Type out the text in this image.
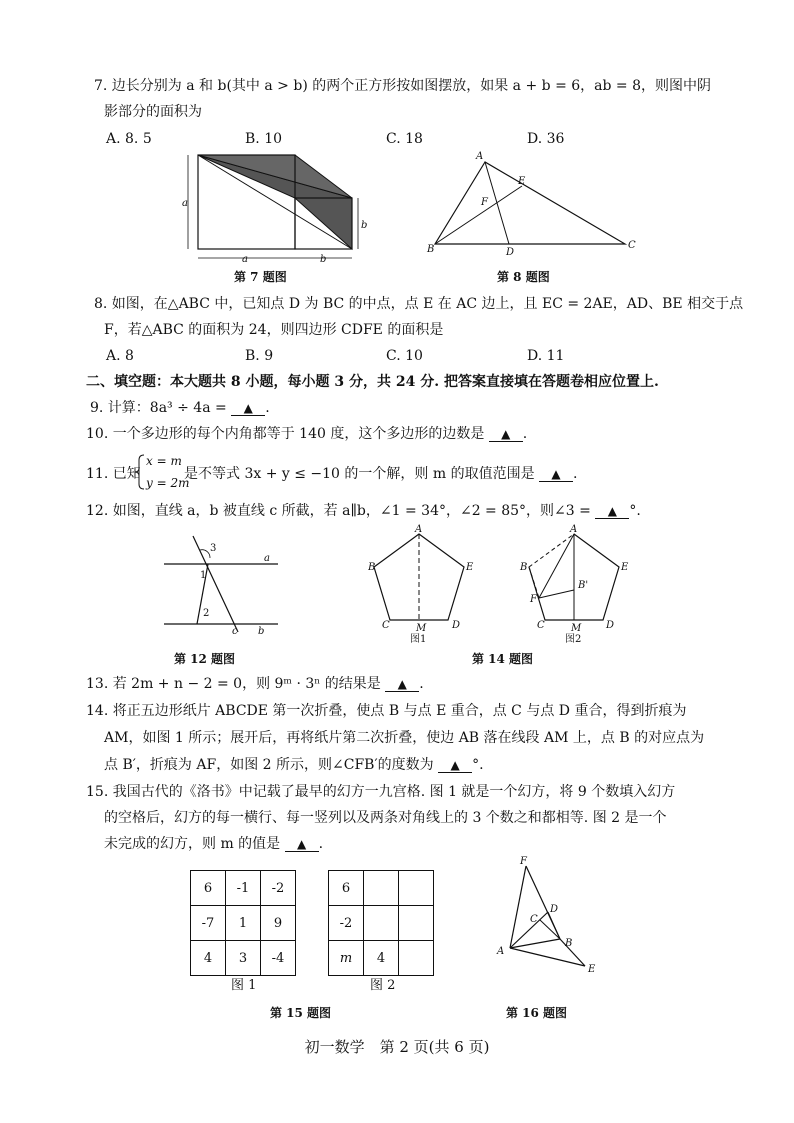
7. 边长分别为 a 和 b(其中 a > b) 的两个正方形按如图摆放，如果 a + b = 6，ab = 8，则图中阴
影部分的面积为
A. 8. 5	B. 10	C. 18	D. 36
a
b
a	b
第 7 题图
A
B	C
D
E
F
第 8 题图
8. 如图，在△ABC 中，已知点 D 为 BC 的中点，点 E 在 AC 边上，且 EC = 2AE，AD、BE 相交于点
F，若△ABC 的面积为 24，则四边形 CDFE 的面积是
A. 8	B. 9	C. 10	D. 11
二、填空题：本大题共 8 小题，每小题 3 分，共 24 分. 把答案直接填在答题卷相应位置上.
9. 计算：8a³ ÷ 4a = ▲ .
10. 一个多边形的每个内角都等于 140 度，这个多边形的边数是 ▲ .
11. 已知
x = m
y = 2m
是不等式 3x + y ≤ −10 的一个解，则 m 的取值范围是 ▲ .
12. 如图，直线 a，b 被直线 c 所截，若 a∥b，∠1 = 34°，∠2 = 85°，则∠3 = ▲ °.
3
1
2
a
b
c
第 12 题图
A
B	E
C	D
M
图1
A
B
B'
E
F
C	D
M
图2
第 14 题图
13. 若 2m + n − 2 = 0，则 9ᵐ · 3ⁿ 的结果是 ▲ .
14. 将正五边形纸片 ABCDE 第一次折叠，使点 B 与点 E 重合，点 C 与点 D 重合，得到折痕为
AM，如图 1 所示；展开后，再将纸片第二次折叠，使边 AB 落在线段 AM 上，点 B 的对应点为
点 B′，折痕为 AF，如图 2 所示，则∠CFB′的度数为 ▲ °.
15. 我国古代的《洛书》中记载了最早的幻方一九宫格. 图 1 就是一个幻方，将 9 个数填入幻方
的空格后，幻方的每一横行、每一竖列以及两条对角线上的 3 个数之和都相等. 图 2 是一个
未完成的幻方，则 m 的值是 ▲ .
6	-1	-2
-7	1	9
4	3	-4
图 1
6		
-2		
m	4	
图 2
第 15 题图
F
D
C
A
B
E
第 16 题图
初一数学　第 2 页(共 6 页)
